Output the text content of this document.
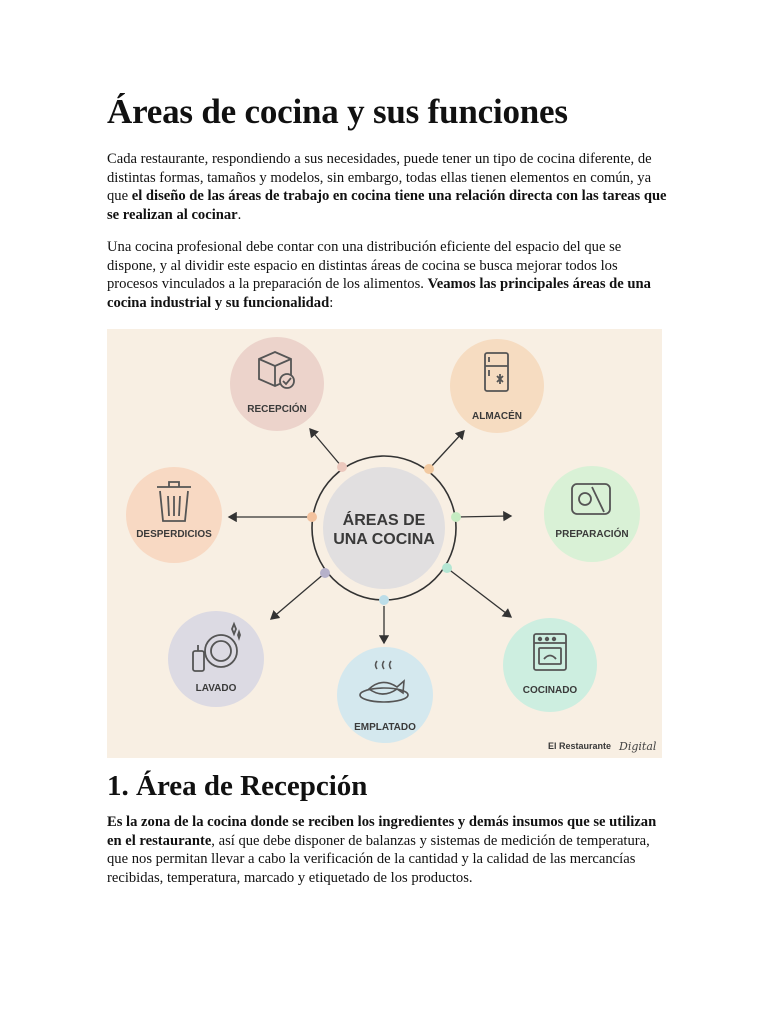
Áreas de cocina y sus funciones

Cada restaurante, respondiendo a sus necesidades, puede tener un tipo de cocina diferente, de distintas formas, tamaños y modelos, sin embargo, todas ellas tienen elementos en común, ya que el diseño de las áreas de trabajo en cocina tiene una relación directa con las tareas que se realizan al cocinar.

Una cocina profesional debe contar con una distribución eficiente del espacio del que se dispone, y al dividir este espacio en distintas áreas de cocina se busca mejorar todos los procesos vinculados a la preparación de los alimentos. Veamos las principales áreas de una cocina industrial y su funcionalidad:

ÁREAS DE
UNA COCINA
RECEPCIÓN
ALMACÉN
PREPARACIÓN
COCINADO
EMPLATADO
LAVADO
DESPERDICIOS
El Restaurante Digital
1. Área de Recepción

Es la zona de la cocina donde se reciben los ingredientes y demás insumos que se utilizan en el restaurante, así que debe disponer de balanzas y sistemas de medición de temperatura, que nos permitan llevar a cabo la verificación de la cantidad y la calidad de las mercancías recibidas, temperatura, marcado y etiquetado de los productos.
